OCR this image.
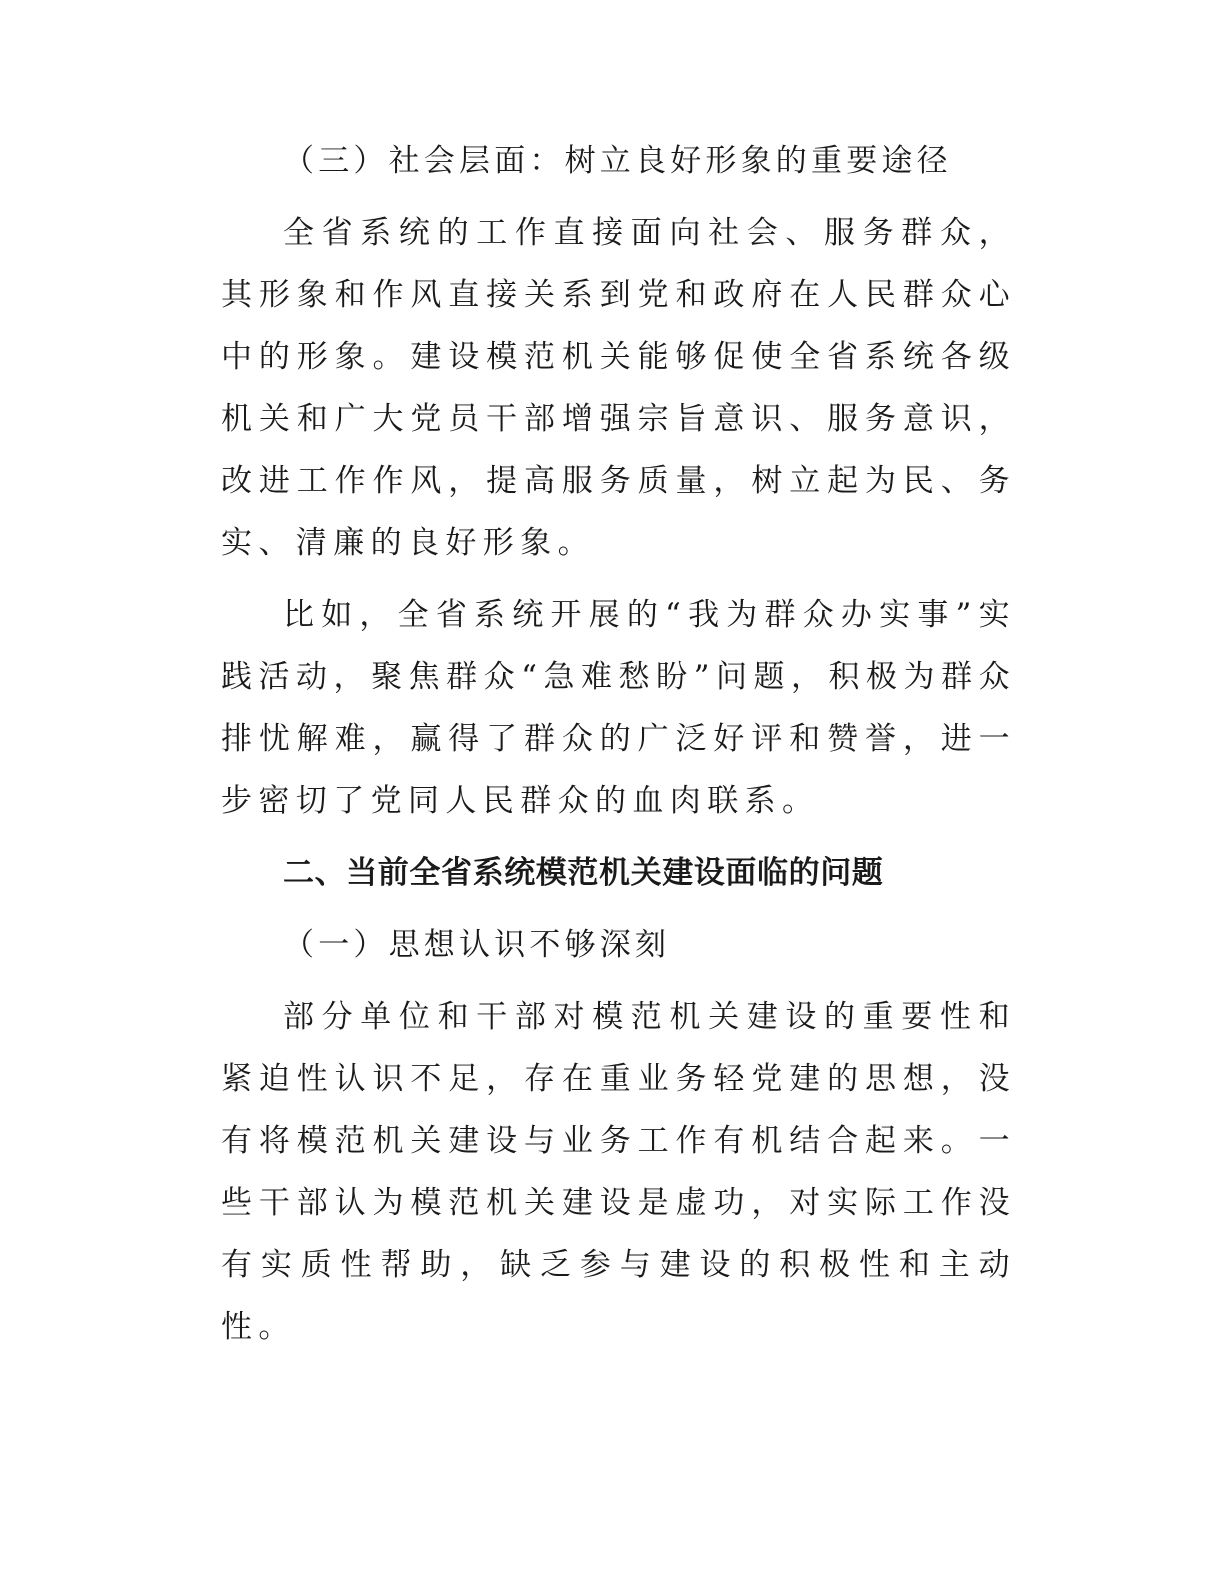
（三）社会层面：树立良好形象的重要途径

全省系统的工作直接面向社会、服务群众，其形象和作风直接关系到党和政府在人民群众心中的形象。建设模范机关能够促使全省系统各级机关和广大党员干部增强宗旨意识、服务意识，改进工作作风，提高服务质量，树立起为民、务实、清廉的良好形象。

比如，全省系统开展的“我为群众办实事”实践活动，聚焦群众“急难愁盼”问题，积极为群众排忧解难，赢得了群众的广泛好评和赞誉，进一步密切了党同人民群众的血肉联系。

二、当前全省系统模范机关建设面临的问题

（一）思想认识不够深刻

部分单位和干部对模范机关建设的重要性和紧迫性认识不足，存在重业务轻党建的思想，没有将模范机关建设与业务工作有机结合起来。一些干部认为模范机关建设是虚功，对实际工作没有实质性帮助，缺乏参与建设的积极性和主动性。
